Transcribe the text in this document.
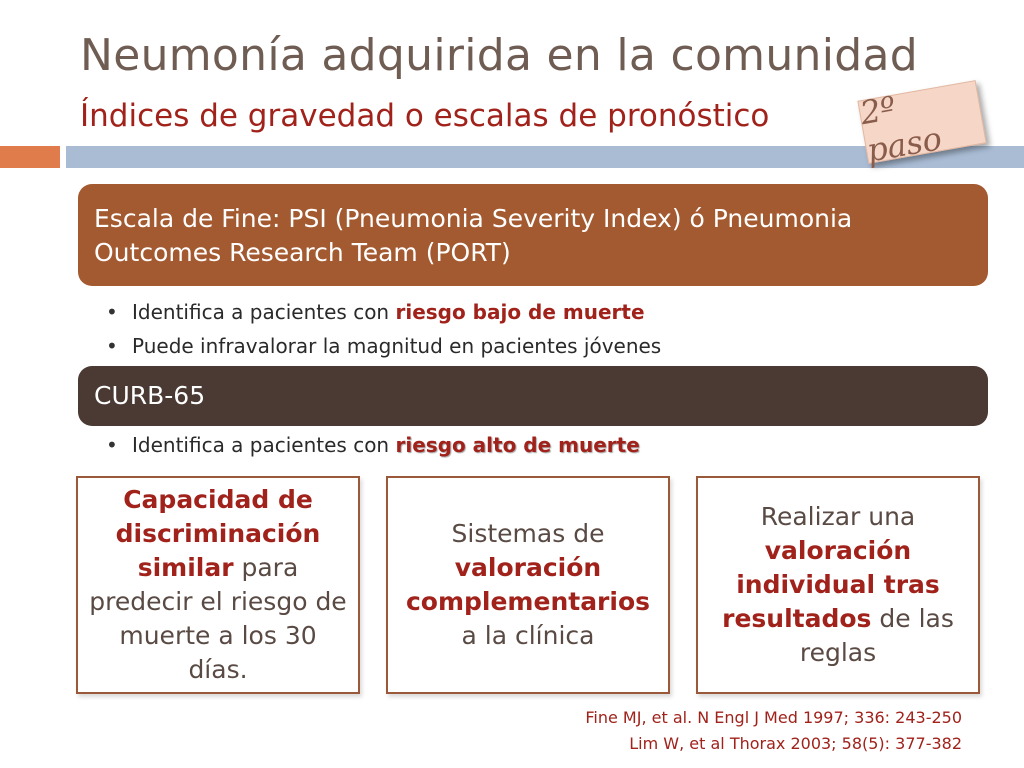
Neumonía adquirida en la comunidad
Índices de gravedad o escalas de pronóstico	2º paso
Escala de Fine: PSI (Pneumonia Severity Index) ó Pneumonia
Outcomes Research Team (PORT)
• Identifica a pacientes con riesgo bajo de muerte
• Puede infravalorar la magnitud en pacientes jóvenes
CURB-65
• Identifica a pacientes con riesgo alto de muerte
Capacidad de discriminación similar para predecir el riesgo de muerte a los 30 días.
Sistemas de valoración complementarios a la clínica
Realizar una valoración individual tras resultados de las reglas
Fine MJ, et al. N Engl J Med 1997; 336: 243-250
Lim W, et al Thorax 2003; 58(5): 377-382
